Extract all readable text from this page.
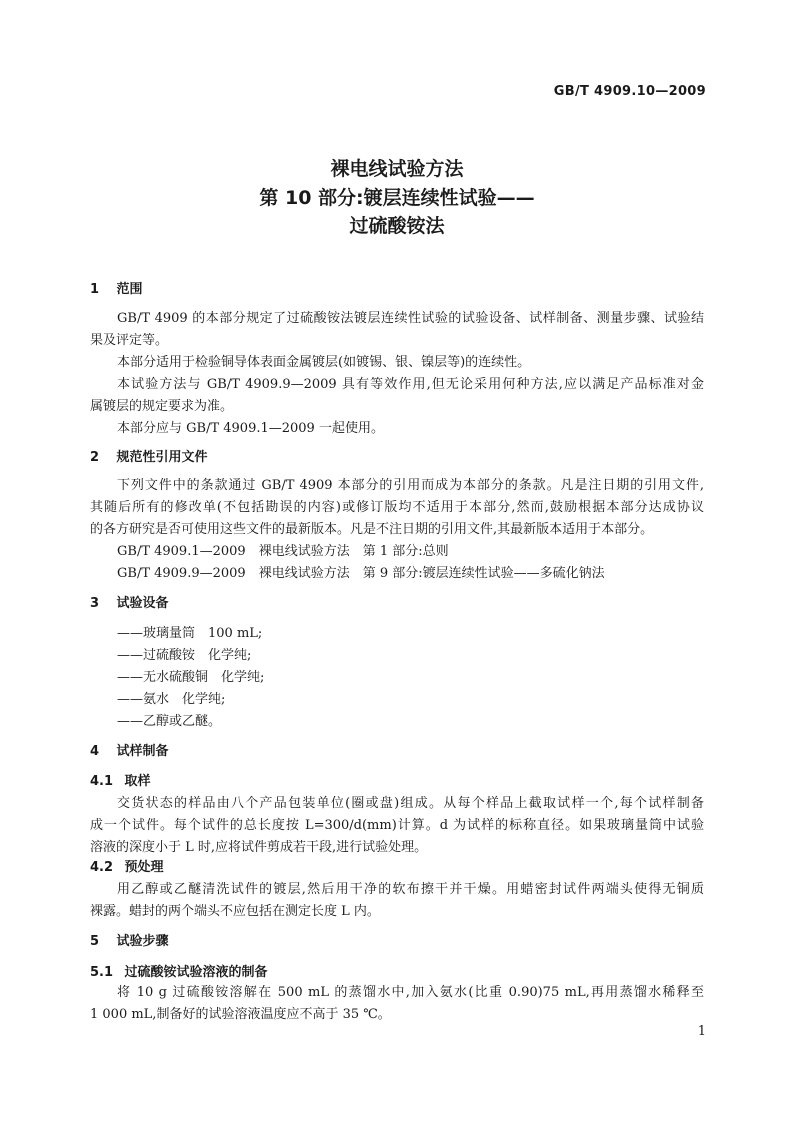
GB/T 4909.10—2009
裸电线试验方法
第 10 部分:镀层连续性试验——
过硫酸铵法
1 范围
GB/T 4909 的本部分规定了过硫酸铵法镀层连续性试验的试验设备、试样制备、测量步骤、试验结
果及评定等。
本部分适用于检验铜导体表面金属镀层(如镀锡、银、镍层等)的连续性。
本试验方法与 GB/T 4909.9—2009 具有等效作用,但无论采用何种方法,应以满足产品标准对金
属镀层的规定要求为准。
本部分应与 GB/T 4909.1—2009 一起使用。
2 规范性引用文件
下列文件中的条款通过 GB/T 4909 本部分的引用而成为本部分的条款。凡是注日期的引用文件,
其随后所有的修改单(不包括勘误的内容)或修订版均不适用于本部分,然而,鼓励根据本部分达成协议
的各方研究是否可使用这些文件的最新版本。凡是不注日期的引用文件,其最新版本适用于本部分。
GB/T 4909.1—2009　裸电线试验方法　第 1 部分:总则
GB/T 4909.9—2009　裸电线试验方法　第 9 部分:镀层连续性试验——多硫化钠法
3 试验设备
——玻璃量筒　100 mL;
——过硫酸铵　化学纯;
——无水硫酸铜　化学纯;
——氨水　化学纯;
——乙醇或乙醚。
4 试样制备
4.1 取样
交货状态的样品由八个产品包装单位(圈或盘)组成。从每个样品上截取试样一个,每个试样制备
成一个试件。每个试件的总长度按 L=300/d(mm)计算。d 为试样的标称直径。如果玻璃量筒中试验
溶液的深度小于 L 时,应将试件剪成若干段,进行试验处理。
4.2 预处理
用乙醇或乙醚清洗试件的镀层,然后用干净的软布擦干并干燥。用蜡密封试件两端头使得无铜质
裸露。蜡封的两个端头不应包括在测定长度 L 内。
5 试验步骤
5.1 过硫酸铵试验溶液的制备
将 10 g 过硫酸铵溶解在 500 mL 的蒸馏水中,加入氨水(比重 0.90)75 mL,再用蒸馏水稀释至
1 000 mL,制备好的试验溶液温度应不高于 35 ℃。
1
